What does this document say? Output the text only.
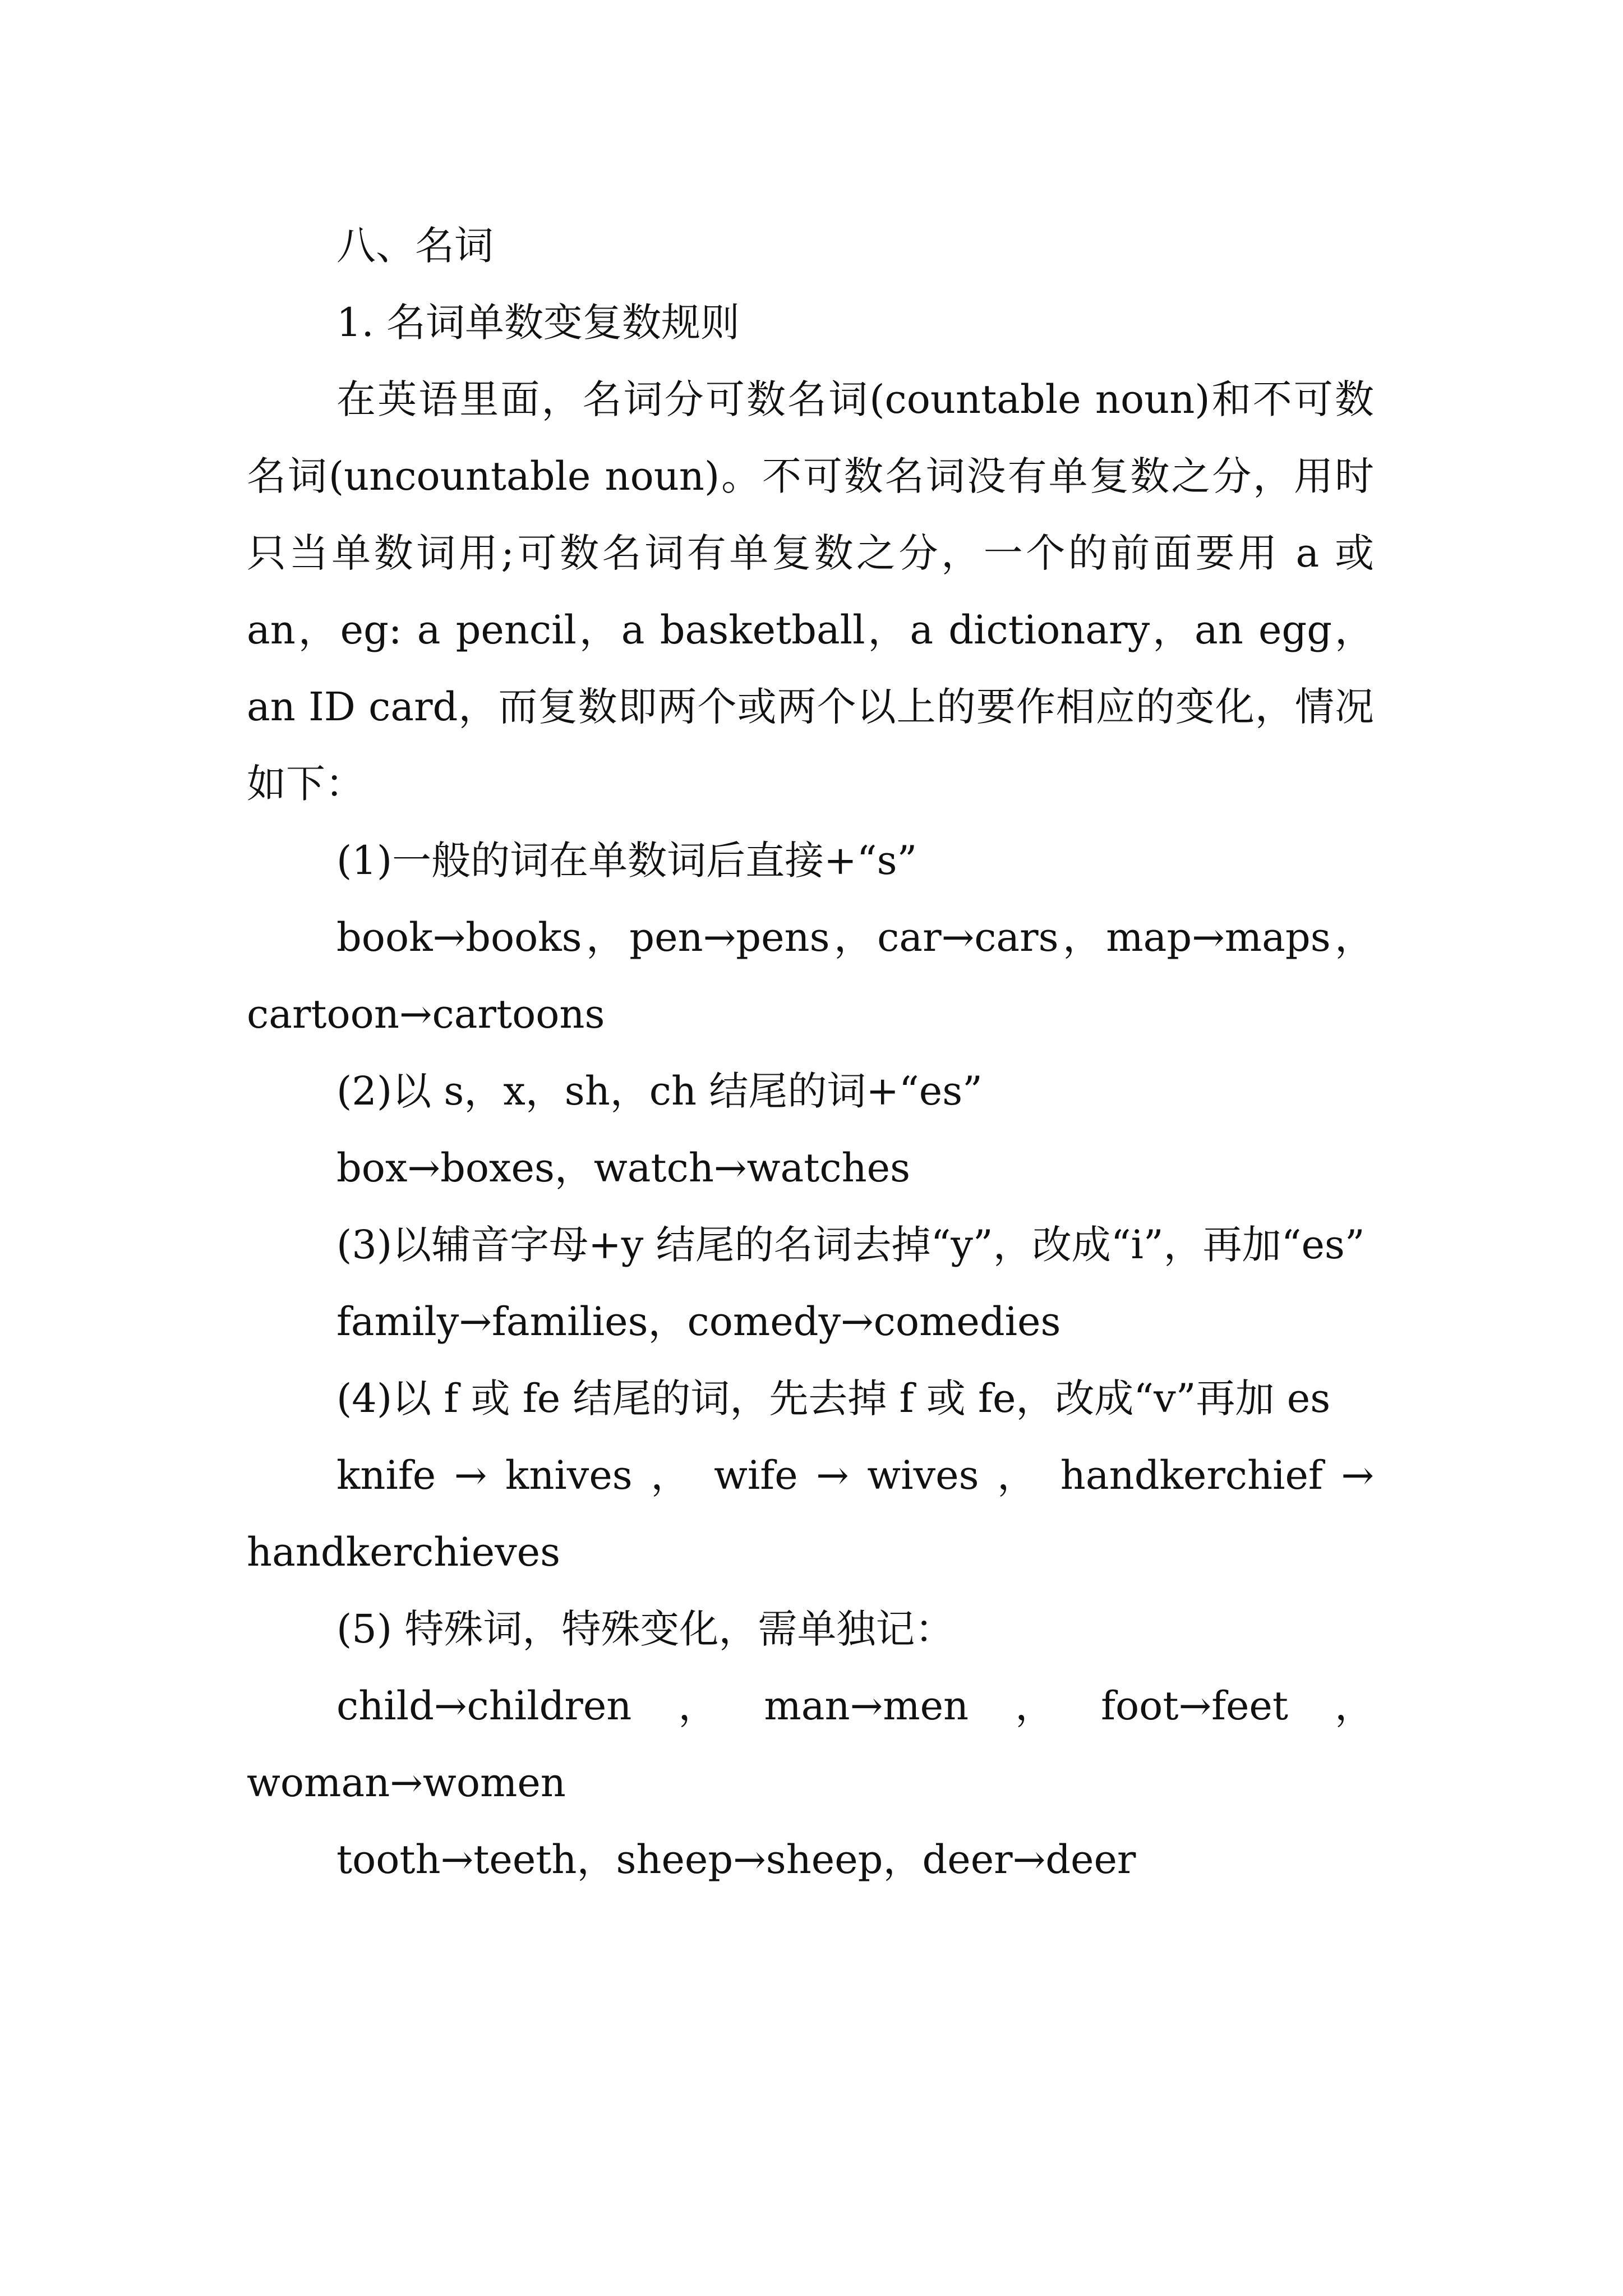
八、名词

1. 名词单数变复数规则

在英语里面，名词分可数名词(countable noun)和不可数名词(uncountable noun)。不可数名词没有单复数之分，用时只当单数词用;可数名词有单复数之分，一个的前面要用 a 或 an，eg: a pencil，a basketball，a dictionary，an egg，an ID card，而复数即两个或两个以上的要作相应的变化，情况如下：

(1)一般的词在单数词后直接+“s”

book→books，pen→pens，car→cars，map→maps，cartoon→cartoons

(2)以 s，x，sh，ch 结尾的词+“es”

box→boxes，watch→watches

(3)以辅音字母+y 结尾的名词去掉“y”，改成“i”，再加“es”

family→families，comedy→comedies

(4)以 f 或 fe 结尾的词，先去掉 f 或 fe，改成“v”再加 es

knife → knives ， wife → wives ， handkerchief → handkerchieves

(5) 特殊词，特殊变化，需单独记：

child→children，man→men，foot→feet，woman→women

tooth→teeth，sheep→sheep，deer→deer
